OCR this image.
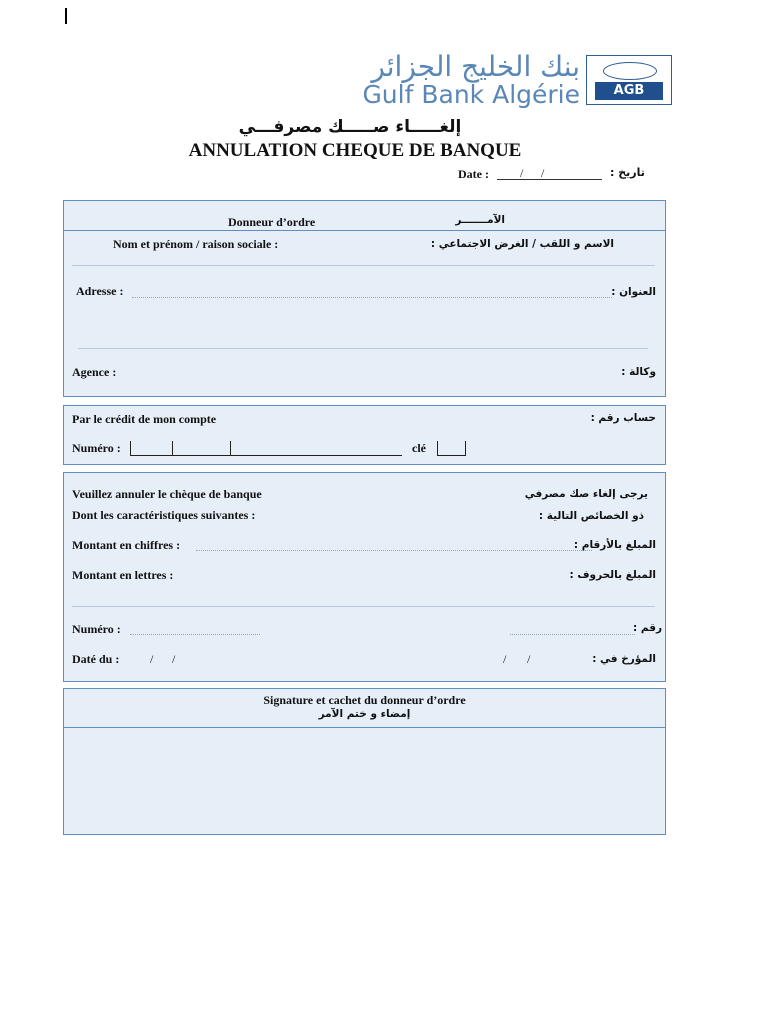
بنك الخليج الجزائر
Gulf Bank Algérie	AGB
إلغـــــاء صـــــك مصرفـــي
ANNULATION CHEQUE DE BANQUE
Date :	/ /	تاريخ :
Donneur d’ordre	الآمـــــــر
Nom et prénom / raison sociale :	الاسم و اللقب / الغرض الاجتماعي :
Adresse :	العنوان :
Agence :	وكالة :
Par le crédit de mon compte	حساب رقم :
Numéro :	clé
Veuillez annuler le chèque de banque	يرجى إلغاء صك مصرفي
Dont les caractéristiques suivantes :	ذو الخصائص التالية :
Montant en chiffres :	المبلغ بالأرقام :
Montant en lettres :	المبلغ بالحروف :
Numéro :	رقم :
Daté du :	/ /	/ /	المؤرخ في :
Signature et cachet du donneur d’ordre
إمضاء و ختم الآمر
